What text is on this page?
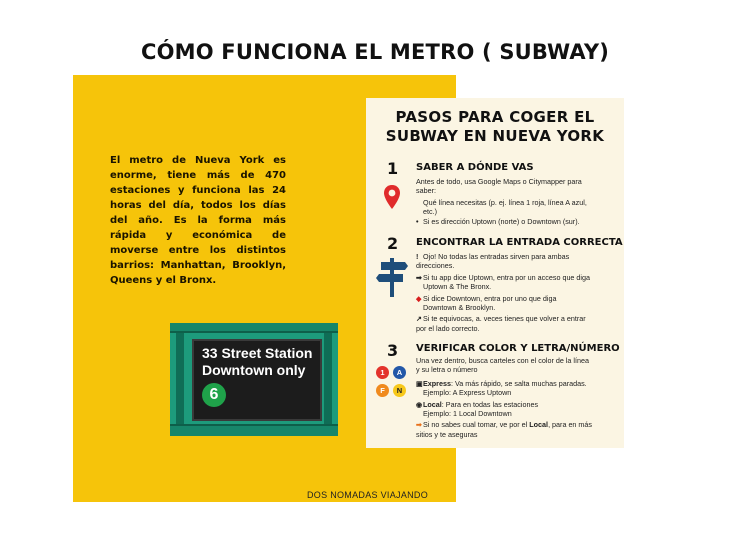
CÓMO FUNCIONA EL METRO ( SUBWAY)

El metro de Nueva York es enorme, tiene más de 470 estaciones y funciona las 24 horas del día, todos los días del año. Es la forma más rápida y económica de moverse entre los distintos barrios: Manhattan, Brooklyn, Queens y el Bronx.

33 Street Station
Downtown only
6
DOS NOMADAS VIAJANDO
PASOS PARA COGER EL
SUBWAY EN NUEVA YORK
1 SABER A DÓNDE VAS
Antes de todo, usa Google Maps o Citymapper para
saber:
Qué línea necesitas (p. ej. línea 1 roja, línea A azul,
etc.)
• Si es dirección Uptown (norte) o Downtown (sur).
2 ENCONTRAR LA ENTRADA CORRECTA
! Ojo! No todas las entradas sirven para ambas
direcciones.
➡Si tu app dice Uptown, entra por un acceso que diga
Uptown & The Bronx.
◆Si dice Downtown, entra por uno que diga
Downtown & Brooklyn.
↗Si te equivocas, a. veces tienes que volver a entrar
por el lado correcto.
3 VERIFICAR COLOR Y LETRA/NÚMERO
1	A
F	N
Una vez dentro, busca carteles con el color de la línea
y su letra o número
▣Express: Va más rápido, se salta muchas paradas.
Ejemplo: A Express Uptown
◉Local: Para en todas las estaciones
Ejemplo: 1 Local Downtown
➡Si no sabes cual tomar, ve por el Local, para en más
sitios y te aseguras
